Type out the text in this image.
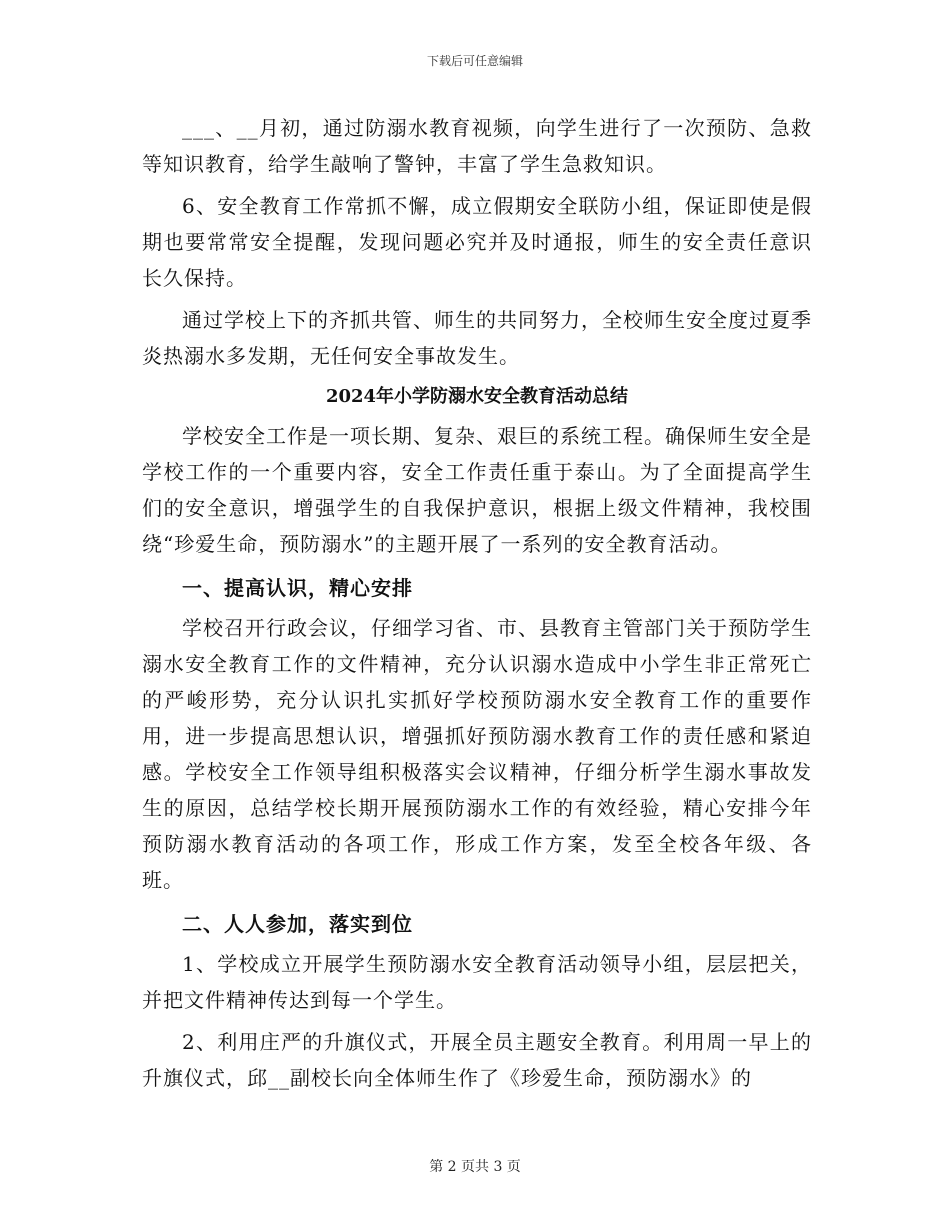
下载后可任意编辑

___、__月初，通过防溺水教育视频，向学生进行了一次预防、急救等知识教育，给学生敲响了警钟，丰富了学生急救知识。

6、安全教育工作常抓不懈，成立假期安全联防小组，保证即使是假期也要常常安全提醒，发现问题必究并及时通报，师生的安全责任意识长久保持。

通过学校上下的齐抓共管、师生的共同努力，全校师生安全度过夏季炎热溺水多发期，无任何安全事故发生。

2024年小学防溺水安全教育活动总结

学校安全工作是一项长期、复杂、艰巨的系统工程。确保师生安全是学校工作的一个重要内容，安全工作责任重于泰山。为了全面提高学生们的安全意识，增强学生的自我保护意识，根据上级文件精神，我校围绕“珍爱生命，预防溺水”的主题开展了一系列的安全教育活动。

一、提高认识，精心安排

学校召开行政会议，仔细学习省、市、县教育主管部门关于预防学生溺水安全教育工作的文件精神，充分认识溺水造成中小学生非正常死亡的严峻形势，充分认识扎实抓好学校预防溺水安全教育工作的重要作用，进一步提高思想认识，增强抓好预防溺水教育工作的责任感和紧迫感。学校安全工作领导组积极落实会议精神，仔细分析学生溺水事故发生的原因，总结学校长期开展预防溺水工作的有效经验，精心安排今年预防溺水教育活动的各项工作，形成工作方案，发至全校各年级、各班。

二、人人参加，落实到位

1、学校成立开展学生预防溺水安全教育活动领导小组，层层把关，并把文件精神传达到每一个学生。

2、利用庄严的升旗仪式，开展全员主题安全教育。利用周一早上的升旗仪式，邱__副校长向全体师生作了《珍爱生命，预防溺水》的

第 2 页共 3 页
